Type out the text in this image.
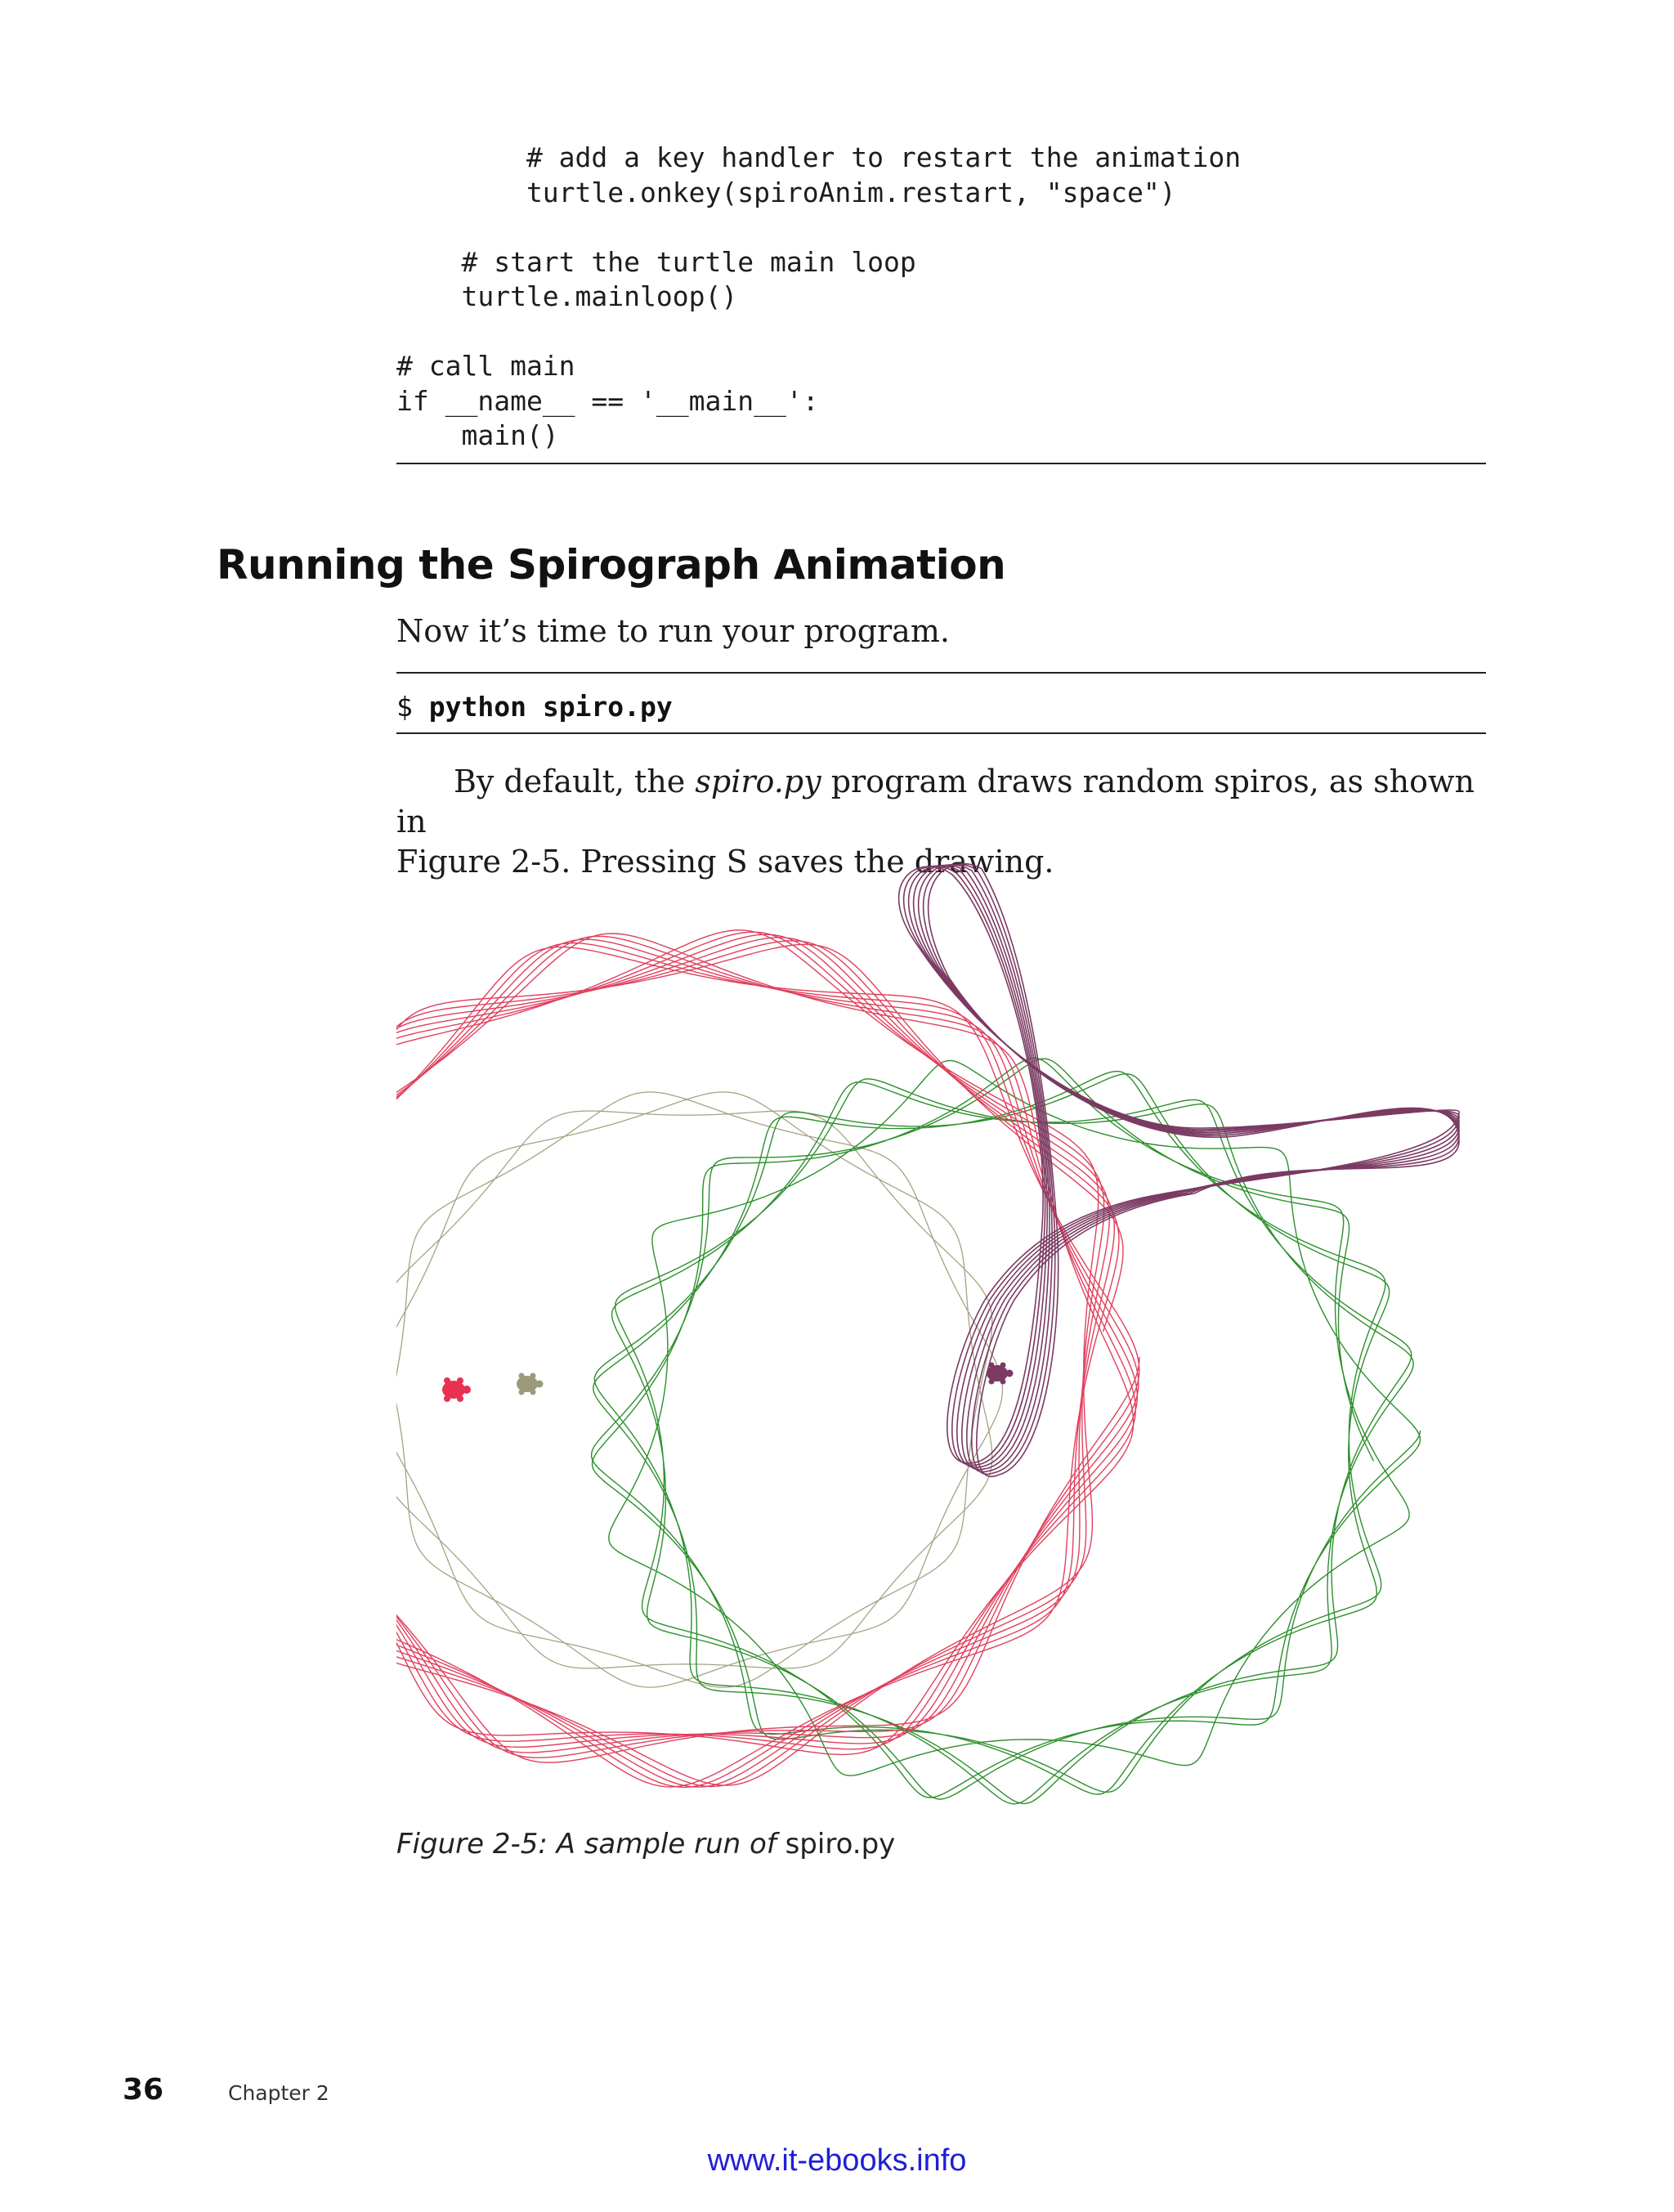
# add a key handler to restart the animation
turtle.onkey(spiroAnim.restart, "space")
# start the turtle main loop
turtle.mainloop()
# call main
if __name__ == '__main__':
main()
Running the Spirograph Animation

Now it’s time to run your program.

$ python spiro.py

By default, the spiro.py program draws random spiros, as shown in
Figure 2-5. Pressing S saves the drawing.

Figure 2-5: A sample run of spiro.py

36	Chapter 2
www.it-ebooks.info
